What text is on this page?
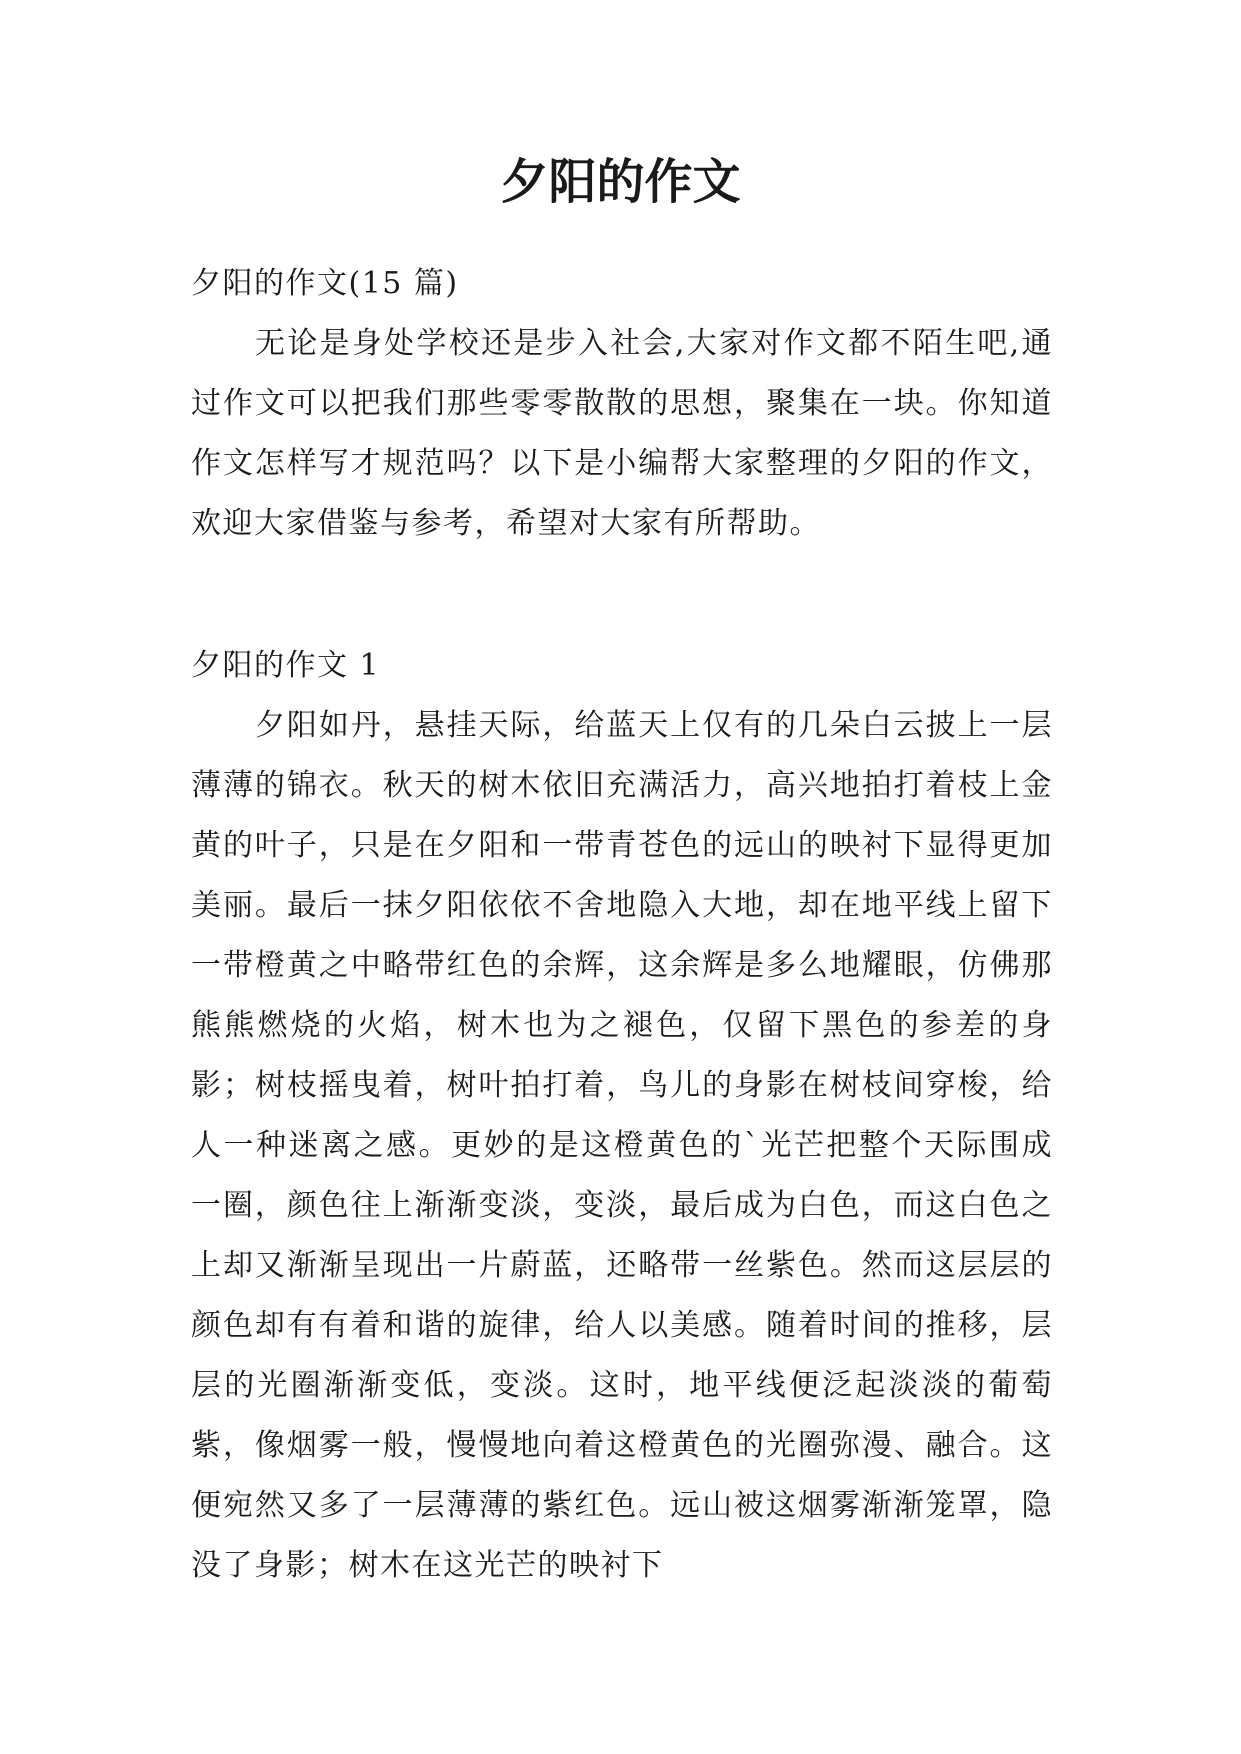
夕阳的作文

夕阳的作文(15 篇)

无论是身处学校还是步入社会,大家对作文都不陌生吧,通过作文可以把我们那些零零散散的思想，聚集在一块。你知道作文怎样写才规范吗？以下是小编帮大家整理的夕阳的作文，欢迎大家借鉴与参考，希望对大家有所帮助。

夕阳的作文 1

夕阳如丹，悬挂天际，给蓝天上仅有的几朵白云披上一层薄薄的锦衣。秋天的树木依旧充满活力，高兴地拍打着枝上金黄的叶子，只是在夕阳和一带青苍色的远山的映衬下显得更加美丽。最后一抹夕阳依依不舍地隐入大地，却在地平线上留下一带橙黄之中略带红色的余辉，这余辉是多么地耀眼，仿佛那熊熊燃烧的火焰，树木也为之褪色，仅留下黑色的参差的身影；树枝摇曳着，树叶拍打着，鸟儿的身影在树枝间穿梭，给人一种迷离之感。更妙的是这橙黄色的`光芒把整个天际围成一圈，颜色往上渐渐变淡，变淡，最后成为白色，而这白色之上却又渐渐呈现出一片蔚蓝，还略带一丝紫色。然而这层层的颜色却有有着和谐的旋律，给人以美感。随着时间的推移，层层的光圈渐渐变低，变淡。这时，地平线便泛起淡淡的葡萄紫，像烟雾一般，慢慢地向着这橙黄色的光圈弥漫、融合。这便宛然又多了一层薄薄的紫红色。远山被这烟雾渐渐笼罩，隐没了身影；树木在这光芒的映衬下
